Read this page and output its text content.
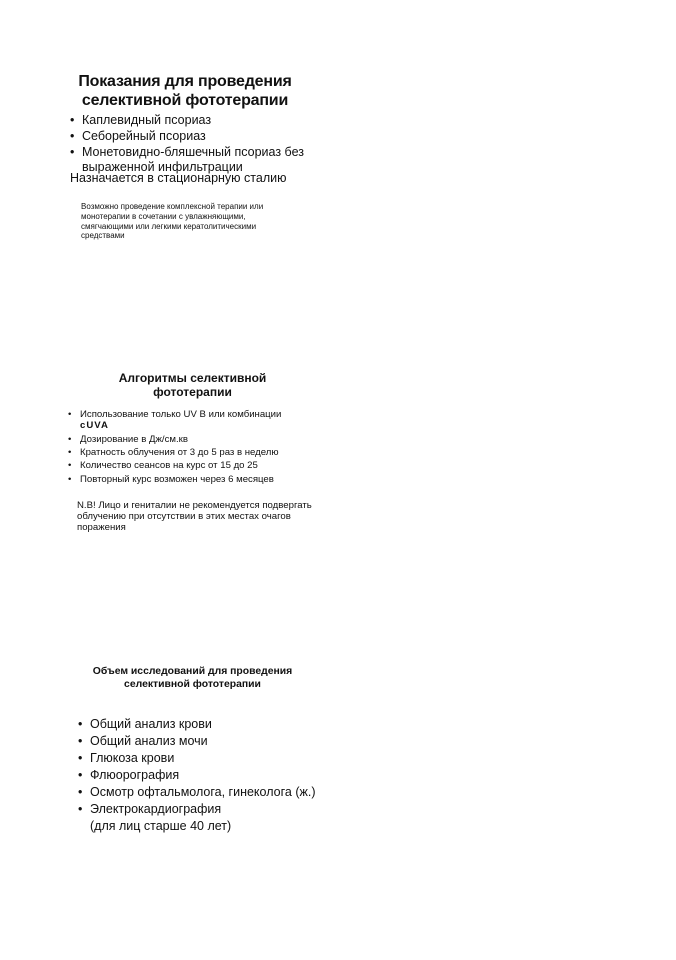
Показания для проведения селективной фототерапии
• Каплевидный псориаз
• Себорейный псориаз
• Монетовидно-бляшечный псориаз без выраженной инфильтрации
Назначается в стационарную сталию
Возможно проведение комплексной терапии или монотерапии в сочетании с увлажняющими, смягчающими или легкими кератолитическими средствами
Алгоритмы селективной фототерапии
• Использование только UV B или комбинации
cUVA
• Дозирование в Дж/см.кв
• Кратность облучения от 3 до 5 раз в неделю
• Количество сеансов на курс от 15 до 25
• Повторный курс возможен через 6 месяцев
N.B! Лицо и гениталии не рекомендуется подвергать облучению при отсутствии в этих местах очагов поражения
Объем исследований для проведения селективной фототерапии
• Общий анализ крови
• Общий анализ мочи
• Глюкоза крови
• Флюорография
• Осмотр офтальмолога, гинеколога (ж.)
• Электрокардиография
(для лиц старше 40 лет)
